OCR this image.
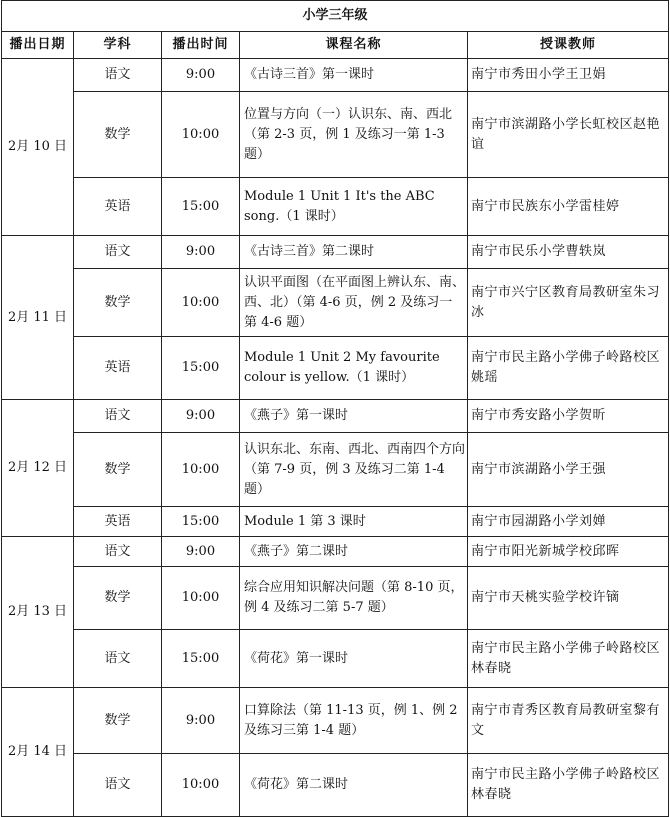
小学三年级				
播出日期	学科	播出时间	课程名称	授课教师
2月 10 日	语文	9:00	《古诗三首》第一课时	南宁市秀田小学王卫娟
	数学	10:00	位置与方向（一）认识东、南、西北（第 2-3 页，例 1 及练习一第 1-3 题）	南宁市滨湖路小学长虹校区赵艳谊
	英语	15:00	Module 1 Unit 1 It's the ABC song.（1 课时）	南宁市民族东小学雷桂婷
2月 11 日	语文	9:00	《古诗三首》第二课时	南宁市民乐小学曹轶岚
	数学	10:00	认识平面图（在平面图上辨认东、南、西、北）（第 4-6 页，例 2 及练习一第 4-6 题）	南宁市兴宁区教育局教研室朱习冰
	英语	15:00	Module 1 Unit 2 My favourite colour is yellow.（1 课时）	南宁市民主路小学佛子岭路校区姚瑶
2月 12 日	语文	9:00	《燕子》第一课时	南宁市秀安路小学贺昕
	数学	10:00	认识东北、东南、西北、西南四个方向（第 7-9 页，例 3 及练习二第 1-4 题）	南宁市滨湖路小学王强
	英语	15:00	Module 1 第 3 课时	南宁市园湖路小学刘婵
2月 13 日	语文	9:00	《燕子》第二课时	南宁市阳光新城学校邱晖
	数学	10:00	综合应用知识解决问题（第 8-10 页，例 4 及练习二第 5-7 题）	南宁市天桃实验学校许镝
	语文	15:00	《荷花》第一课时	南宁市民主路小学佛子岭路校区林春晓
2月 14 日	数学	9:00	口算除法（第 11-13 页，例 1、例 2 及练习三第 1-4 题）	南宁市青秀区教育局教研室黎有文
	语文	10:00	《荷花》第二课时	南宁市民主路小学佛子岭路校区林春晓
